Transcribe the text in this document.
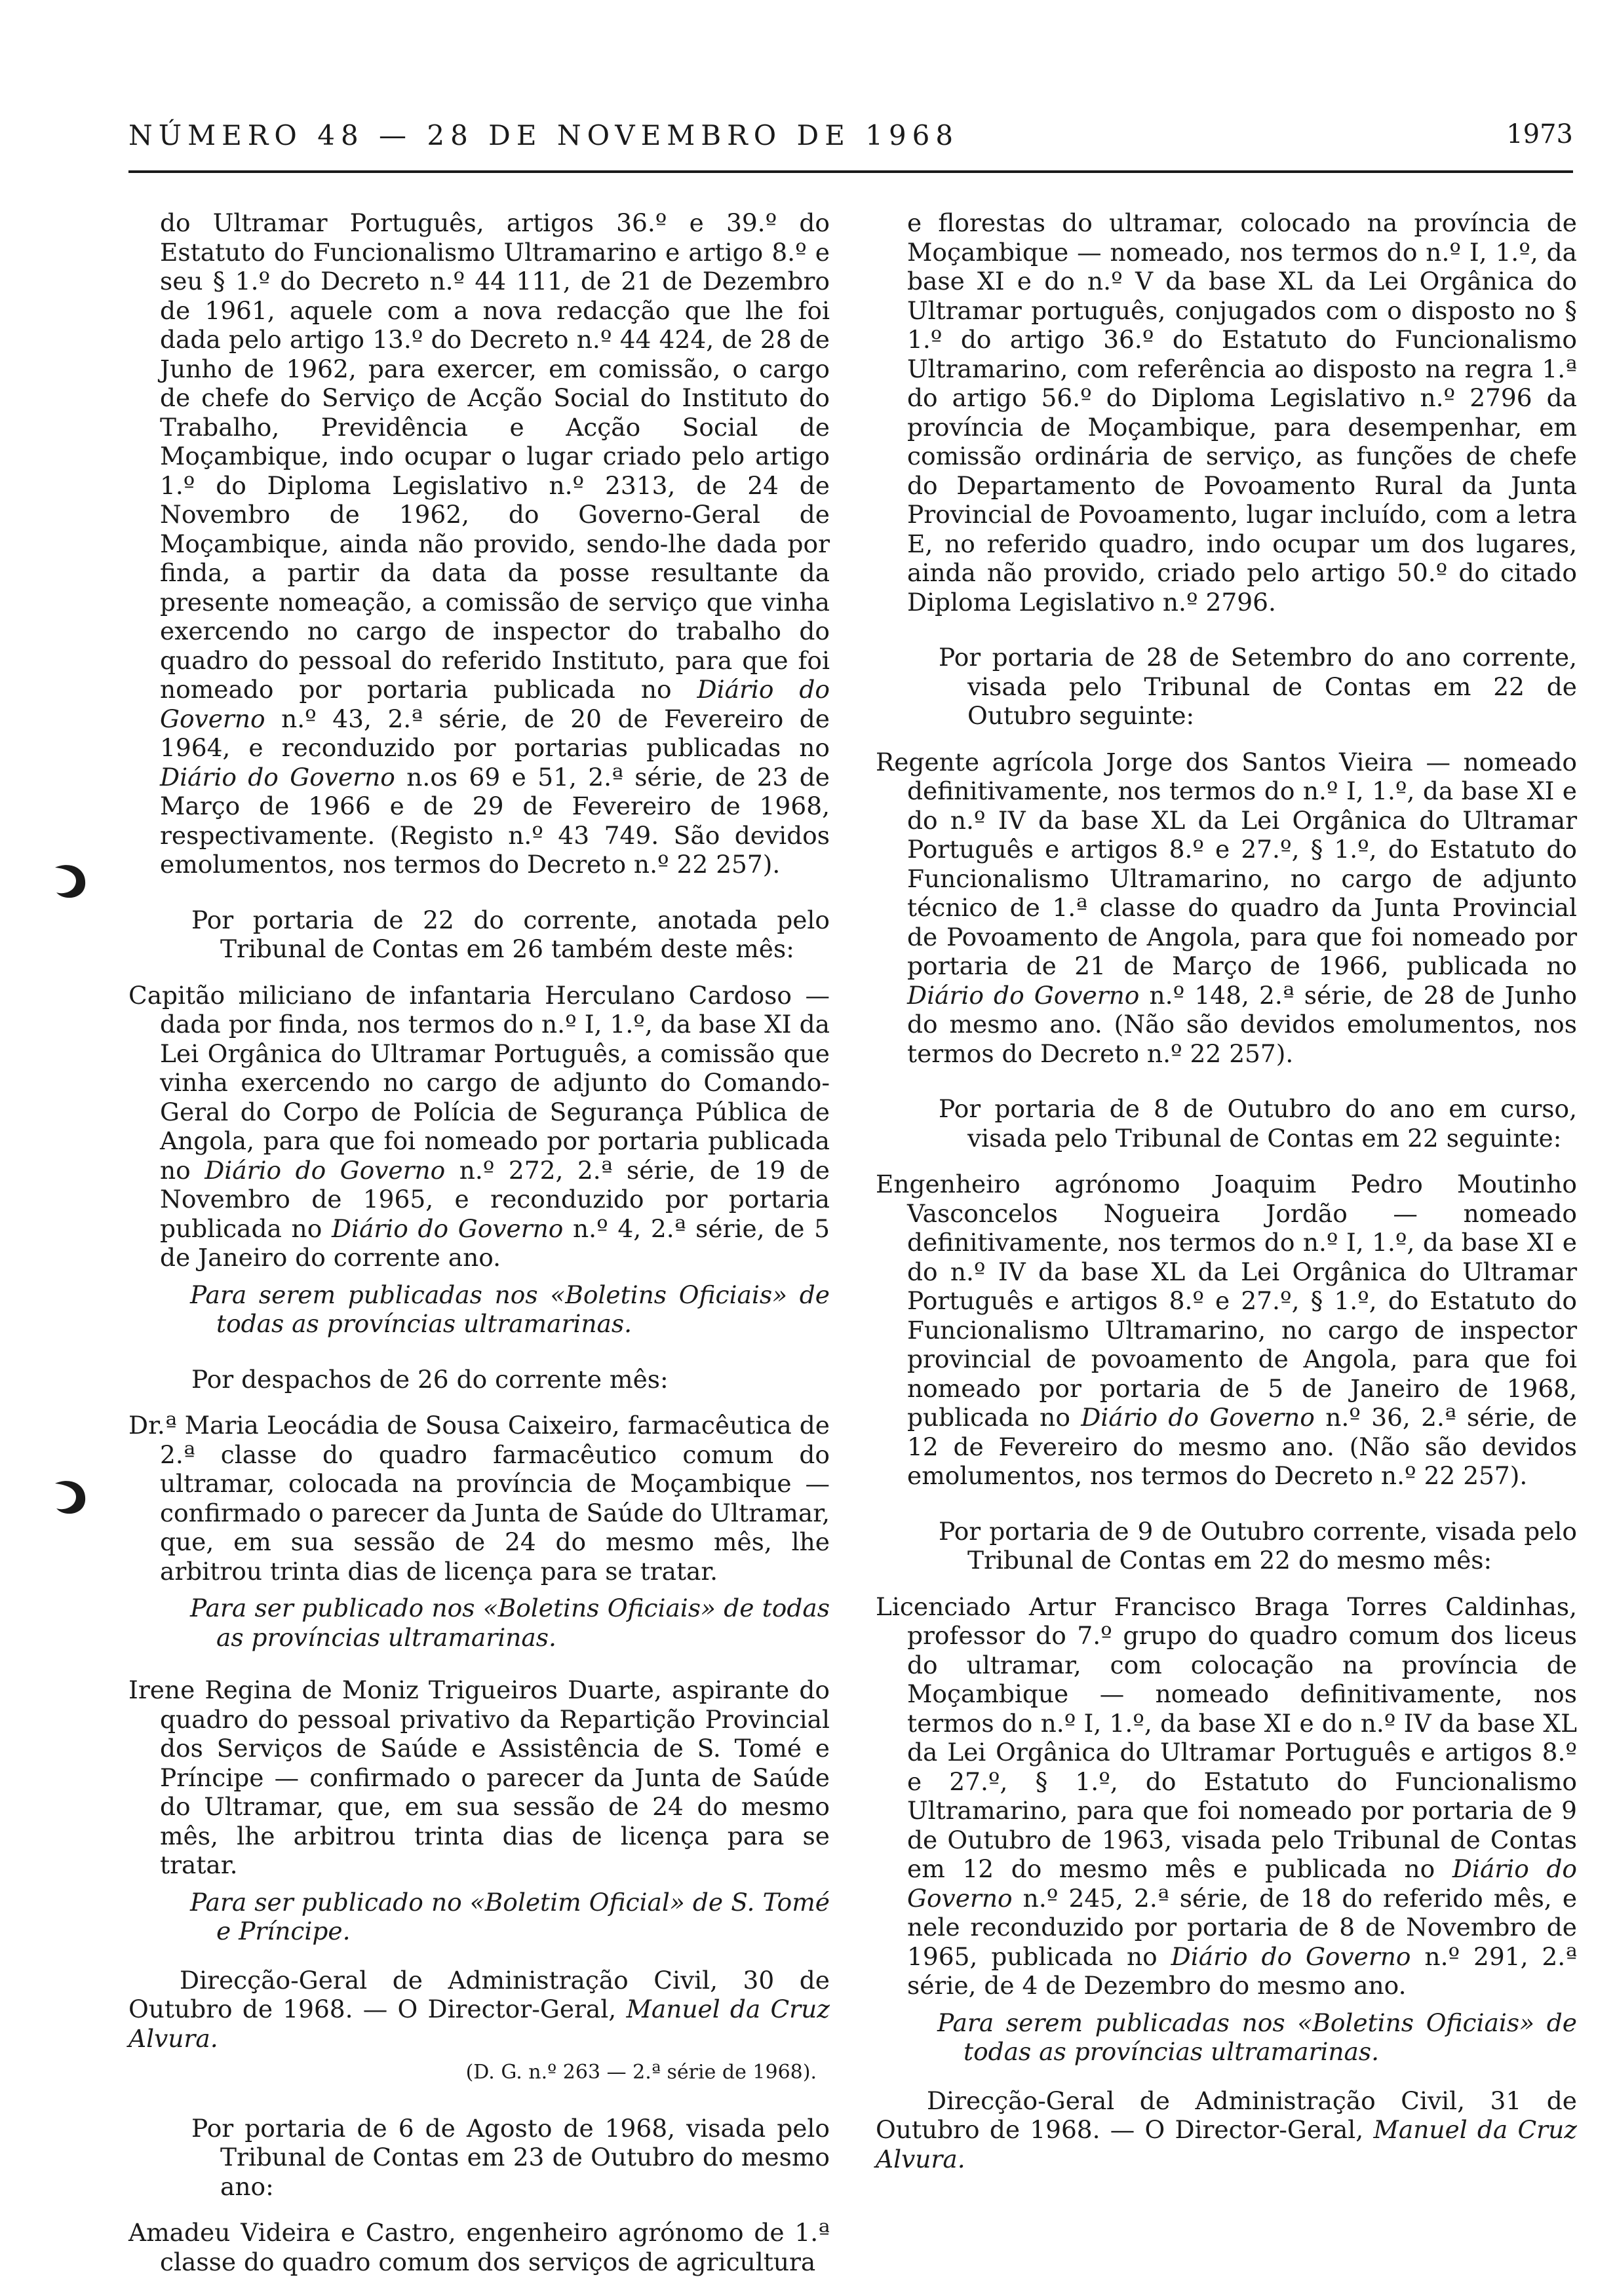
NÚMERO 48 — 28 DE NOVEMBRO DE 1968	1973

do Ultramar Português, artigos 36.º e 39.º do Estatuto do Funcionalismo Ultramarino e artigo 8.º e seu § 1.º do Decreto n.º 44 111, de 21 de Dezembro de 1961, aquele com a nova redacção que lhe foi dada pelo artigo 13.º do Decreto n.º 44 424, de 28 de Junho de 1962, para exercer, em comissão, o cargo de chefe do Serviço de Acção Social do Instituto do Trabalho, Previdência e Acção Social de Moçambique, indo ocupar o lugar criado pelo artigo 1.º do Diploma Legislativo n.º 2313, de 24 de Novembro de 1962, do Governo-Geral de Moçambique, ainda não provido, sendo-lhe dada por finda, a partir da data da posse resultante da presente nomeação, a comissão de serviço que vinha exercendo no cargo de inspector do trabalho do quadro do pessoal do referido Instituto, para que foi nomeado por portaria publicada no Diário do Governo n.º 43, 2.ª série, de 20 de Fevereiro de 1964, e reconduzido por portarias publicadas no Diário do Governo n.os 69 e 51, 2.ª série, de 23 de Março de 1966 e de 29 de Fevereiro de 1968, respectivamente. (Registo n.º 43 749. São devidos emolumentos, nos termos do Decreto n.º 22 257).

Por portaria de 22 do corrente, anotada pelo Tribunal de Contas em 26 também deste mês:

Capitão miliciano de infantaria Herculano Cardoso — dada por finda, nos termos do n.º I, 1.º, da base XI da Lei Orgânica do Ultramar Português, a comissão que vinha exercendo no cargo de adjunto do Comando-Geral do Corpo de Polícia de Segurança Pública de Angola, para que foi nomeado por portaria publicada no Diário do Governo n.º 272, 2.ª série, de 19 de Novembro de 1965, e reconduzido por portaria publicada no Diário do Governo n.º 4, 2.ª série, de 5 de Janeiro do corrente ano.

Para serem publicadas nos «Boletins Oficiais» de todas as províncias ultramarinas.

Por despachos de 26 do corrente mês:

Dr.ª Maria Leocádia de Sousa Caixeiro, farmacêutica de 2.ª classe do quadro farmacêutico comum do ultramar, colocada na província de Moçambique — confirmado o parecer da Junta de Saúde do Ultramar, que, em sua sessão de 24 do mesmo mês, lhe arbitrou trinta dias de licença para se tratar.

Para ser publicado nos «Boletins Oficiais» de todas as províncias ultramarinas.

Irene Regina de Moniz Trigueiros Duarte, aspirante do quadro do pessoal privativo da Repartição Provincial dos Serviços de Saúde e Assistência de S. Tomé e Príncipe — confirmado o parecer da Junta de Saúde do Ultramar, que, em sua sessão de 24 do mesmo mês, lhe arbitrou trinta dias de licença para se tratar.

Para ser publicado no «Boletim Oficial» de S. Tomé e Príncipe.

Direcção-Geral de Administração Civil, 30 de Outubro de 1968. — O Director-Geral, Manuel da Cruz Alvura.

(D. G. n.º 263 — 2.ª série de 1968).

Por portaria de 6 de Agosto de 1968, visada pelo Tribunal de Contas em 23 de Outubro do mesmo ano:

Amadeu Videira e Castro, engenheiro agrónomo de 1.ª classe do quadro comum dos serviços de agricultura

e florestas do ultramar, colocado na província de Moçambique — nomeado, nos termos do n.º I, 1.º, da base XI e do n.º V da base XL da Lei Orgânica do Ultramar português, conjugados com o disposto no § 1.º do artigo 36.º do Estatuto do Funcionalismo Ultramarino, com referência ao disposto na regra 1.ª do artigo 56.º do Diploma Legislativo n.º 2796 da província de Moçambique, para desempenhar, em comissão ordinária de serviço, as funções de chefe do Departamento de Povoamento Rural da Junta Provincial de Povoamento, lugar incluído, com a letra E, no referido quadro, indo ocupar um dos lugares, ainda não provido, criado pelo artigo 50.º do citado Diploma Legislativo n.º 2796.

Por portaria de 28 de Setembro do ano corrente, visada pelo Tribunal de Contas em 22 de Outubro seguinte:

Regente agrícola Jorge dos Santos Vieira — nomeado definitivamente, nos termos do n.º I, 1.º, da base XI e do n.º IV da base XL da Lei Orgânica do Ultramar Português e artigos 8.º e 27.º, § 1.º, do Estatuto do Funcionalismo Ultramarino, no cargo de adjunto técnico de 1.ª classe do quadro da Junta Provincial de Povoamento de Angola, para que foi nomeado por portaria de 21 de Março de 1966, publicada no Diário do Governo n.º 148, 2.ª série, de 28 de Junho do mesmo ano. (Não são devidos emolumentos, nos termos do Decreto n.º 22 257).

Por portaria de 8 de Outubro do ano em curso, visada pelo Tribunal de Contas em 22 seguinte:

Engenheiro agrónomo Joaquim Pedro Moutinho Vasconcelos Nogueira Jordão — nomeado definitivamente, nos termos do n.º I, 1.º, da base XI e do n.º IV da base XL da Lei Orgânica do Ultramar Português e artigos 8.º e 27.º, § 1.º, do Estatuto do Funcionalismo Ultramarino, no cargo de inspector provincial de povoamento de Angola, para que foi nomeado por portaria de 5 de Janeiro de 1968, publicada no Diário do Governo n.º 36, 2.ª série, de 12 de Fevereiro do mesmo ano. (Não são devidos emolumentos, nos termos do Decreto n.º 22 257).

Por portaria de 9 de Outubro corrente, visada pelo Tribunal de Contas em 22 do mesmo mês:

Licenciado Artur Francisco Braga Torres Caldinhas, professor do 7.º grupo do quadro comum dos liceus do ultramar, com colocação na província de Moçambique — nomeado definitivamente, nos termos do n.º I, 1.º, da base XI e do n.º IV da base XL da Lei Orgânica do Ultramar Português e artigos 8.º e 27.º, § 1.º, do Estatuto do Funcionalismo Ultramarino, para que foi nomeado por portaria de 9 de Outubro de 1963, visada pelo Tribunal de Contas em 12 do mesmo mês e publicada no Diário do Governo n.º 245, 2.ª série, de 18 do referido mês, e nele reconduzido por portaria de 8 de Novembro de 1965, publicada no Diário do Governo n.º 291, 2.ª série, de 4 de Dezembro do mesmo ano.

Para serem publicadas nos «Boletins Oficiais» de todas as províncias ultramarinas.

Direcção-Geral de Administração Civil, 31 de Outubro de 1968. — O Director-Geral, Manuel da Cruz Alvura.
